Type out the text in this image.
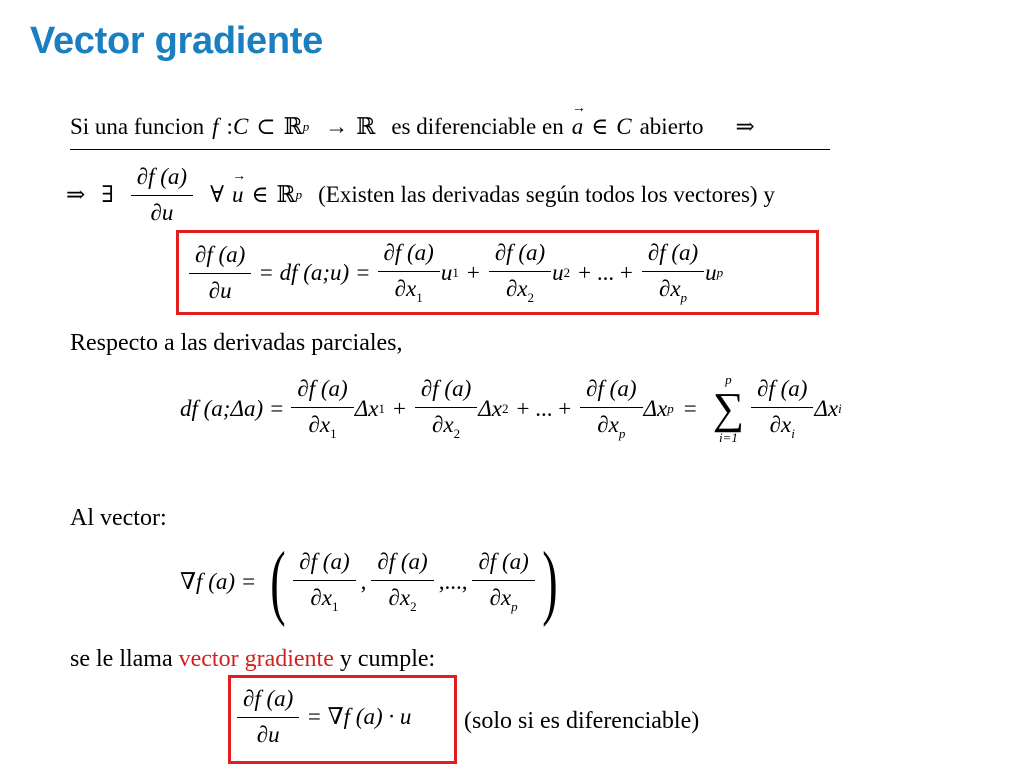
Vector gradiente
Si una funcion f : C ⊂ ℝ p → ℝ es diferenciable en a → ∈ C abierto ⇒
⇒ ∃ $\frac{\partial f (a)}{\partial u}$ ∀ u → ∈ ℝ p (Existen las derivadas según todos los vectores) y
$\frac{\partial f (a)}{\partial u}$ = df (a;u) = $\frac{\partial f (a)}{\partial x_1}$ u $1 + \frac{\partial f (a)}{\partial x_2}$ u 2 + ... + $\frac{\partial f (a)}{\partial x_p}$ u p
Respecto a las derivadas parciales,
df (a;Δa) = $\frac{\partial f (a)}{\partial x_1}$ Δx $1 + \frac{\partial f (a)}{\partial x_2}$ Δx 2 + ... + $\frac{\partial f (a)}{\partial x_p}$ Δx p =
p
∑
i=1
∂f (a)
$\partial x_i$
Δx i
Al vector:
∇f (a) = ( ∂f (a)
$\partial x_1$
,
∂f (a)
$\partial x_2$
,...,
∂f (a)
$\partial x_p$ )
se le llama vector gradiente y cumple:
$\frac{\partial f (a)}{\partial u} = \nabla f$ (a) · u (solo si es diferenciable)
